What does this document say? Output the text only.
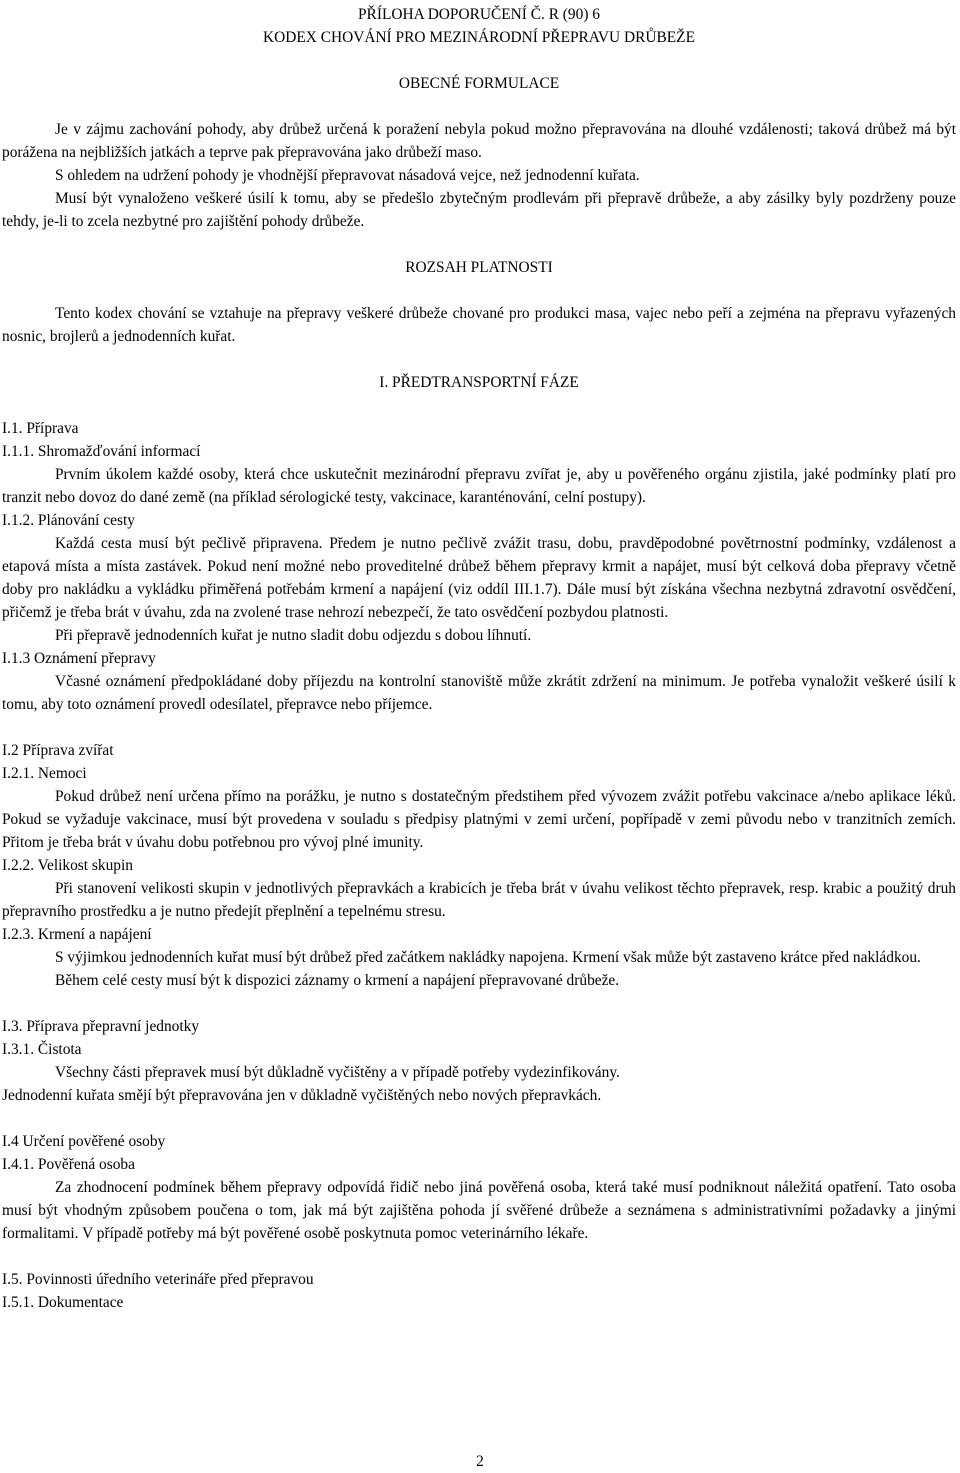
PŘÍLOHA DOPORUČENÍ Č. R (90) 6
KODEX CHOVÁNÍ PRO MEZINÁRODNÍ PŘEPRAVU DRŮBEŽE
OBECNÉ FORMULACE

Je v zájmu zachování pohody, aby drůbež určená k poražení nebyla pokud možno přepravována na dlouhé vzdálenosti; taková drůbež má být porážena na nejbližších jatkách a teprve pak přepravována jako drůbeží maso.

S ohledem na udržení pohody je vhodnější přepravovat násadová vejce, než jednodenní kuřata.

Musí být vynaloženo veškeré úsilí k tomu, aby se předešlo zbytečným prodlevám při přepravě drůbeže, a aby zásilky byly pozdrženy pouze tehdy, je-li to zcela nezbytné pro zajištění pohody drůbeže.

ROZSAH PLATNOSTI

Tento kodex chování se vztahuje na přepravy veškeré drůbeže chované pro produkci masa, vajec nebo peří a zejména na přepravu vyřazených nosnic, brojlerů a jednodenních kuřat.

I. PŘEDTRANSPORTNÍ FÁZE
I.1. Příprava
I.1.1. Shromažďování informací

Prvním úkolem každé osoby, která chce uskutečnit mezinárodní přepravu zvířat je, aby u pověřeného orgánu zjistila, jaké podmínky platí pro tranzit nebo dovoz do dané země (na příklad sérologické testy, vakcinace, karanténování, celní postupy).

I.1.2. Plánování cesty

Každá cesta musí být pečlivě připravena. Předem je nutno pečlivě zvážit trasu, dobu, pravděpodobné povětrnostní podmínky, vzdálenost a etapová místa a místa zastávek. Pokud není možné nebo proveditelné drůbež během přepravy krmit a napájet, musí být celková doba přepravy včetně doby pro nakládku a vykládku přiměřená potřebám krmení a napájení (viz oddíl III.1.7). Dále musí být získána všechna nezbytná zdravotní osvědčení, přičemž je třeba brát v úvahu, zda na zvolené trase nehrozí nebezpečí, že tato osvědčení pozbydou platnosti.

Při přepravě jednodenních kuřat je nutno sladit dobu odjezdu s dobou líhnutí.

I.1.3 Oznámení přepravy

Včasné oznámení předpokládané doby příjezdu na kontrolní stanoviště může zkrátit zdržení na minimum. Je potřeba vynaložit veškeré úsilí k tomu, aby toto oznámení provedl odesílatel, přepravce nebo příjemce.

I.2 Příprava zvířat
I.2.1. Nemoci

Pokud drůbež není určena přímo na porážku, je nutno s dostatečným předstihem před vývozem zvážit potřebu vakcinace a/nebo aplikace léků. Pokud se vyžaduje vakcinace, musí být provedena v souladu s předpisy platnými v zemi určení, popřípadě v zemi původu nebo v tranzitních zemích. Přitom je třeba brát v úvahu dobu potřebnou pro vývoj plné imunity.

I.2.2. Velikost skupin

Při stanovení velikosti skupin v jednotlivých přepravkách a krabicích je třeba brát v úvahu velikost těchto přepravek, resp. krabic a použitý druh přepravního prostředku a je nutno předejít přeplnění a tepelnému stresu.

I.2.3. Krmení a napájení

S výjimkou jednodenních kuřat musí být drůbež před začátkem nakládky napojena. Krmení však může být zastaveno krátce před nakládkou.

Během celé cesty musí být k dispozici záznamy o krmení a napájení přepravované drůbeže.

I.3. Příprava přepravní jednotky
I.3.1. Čistota

Všechny části přepravek musí být důkladně vyčištěny a v případě potřeby vydezinfikovány.

Jednodenní kuřata smějí být přepravována jen v důkladně vyčištěných nebo nových přepravkách.

I.4 Určení pověřené osoby
I.4.1. Pověřená osoba

Za zhodnocení podmínek během přepravy odpovídá řidič nebo jiná pověřená osoba, která také musí podniknout náležitá opatření. Tato osoba musí být vhodným způsobem poučena o tom, jak má být zajištěna pohoda jí svěřené drůbeže a seznámena s administrativními požadavky a jinými formalitami. V případě potřeby má být pověřené osobě poskytnuta pomoc veterinárního lékaře.

I.5. Povinnosti úředního veterináře před přepravou
I.5.1. Dokumentace
2
